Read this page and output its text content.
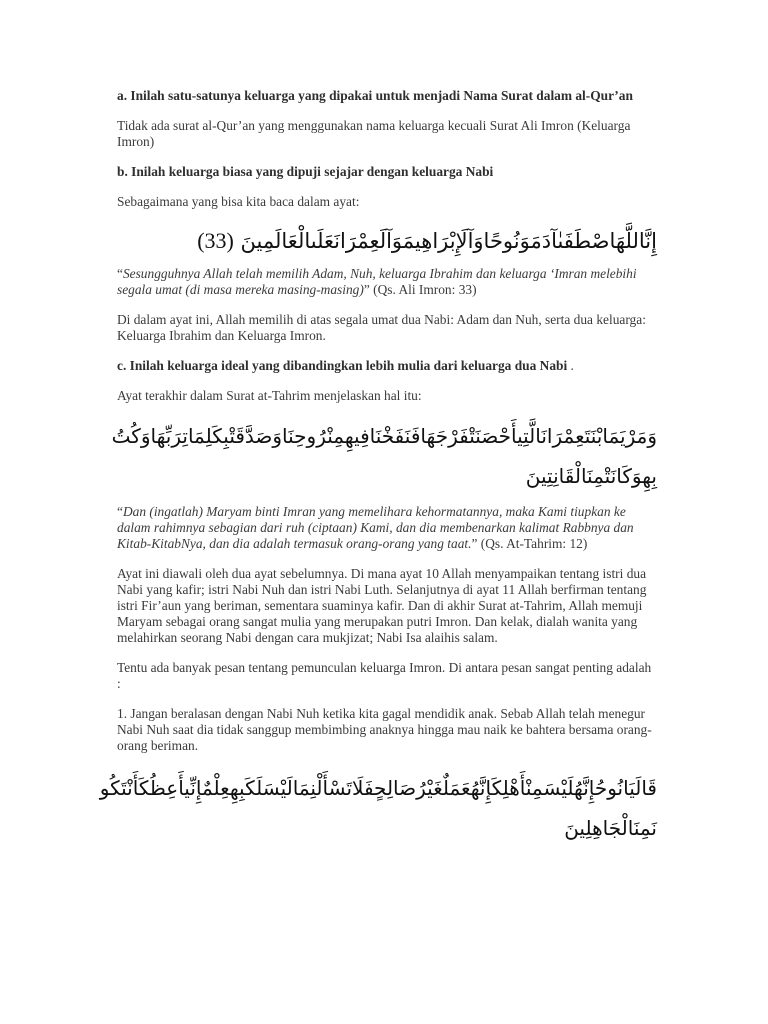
a. Inilah satu-satunya keluarga yang dipakai untuk menjadi Nama Surat dalam al-Qur’an

Tidak ada surat al-Qur’an yang menggunakan nama keluarga kecuali Surat Ali Imron (Keluarga Imron)

b. Inilah keluarga biasa yang dipuji sejajar dengan keluarga Nabi

Sebagaimana yang bisa kita baca dalam ayat:

إِنَّاللَّهَاصْطَفَىٰآدَمَوَنُوحًاوَآلَإِبْرَاهِيمَوَآلَعِمْرَانَعَلَىالْعَالَمِينَ (33)

“Sesungguhnya Allah telah memilih Adam, Nuh, keluarga Ibrahim dan keluarga ‘Imran melebihi segala umat (di masa mereka masing-masing)” (Qs. Ali Imron: 33)

Di dalam ayat ini, Allah memilih di atas segala umat dua Nabi: Adam dan Nuh, serta dua keluarga: Keluarga Ibrahim dan Keluarga Imron.

c. Inilah keluarga ideal yang dibandingkan lebih mulia dari keluarga dua Nabi .

Ayat terakhir dalam Surat at-Tahrim menjelaskan hal itu:

وَمَرْيَمَابْنَتَعِمْرَانَالَّتِيأَحْصَنَتْفَرْجَهَافَنَفَخْنَافِيهِمِنْرُوحِنَاوَصَدَّقَتْبِكَلِمَاتِرَبِّهَاوَكُتُ
بِهِوَكَانَتْمِنَالْقَانِتِينَ

“Dan (ingatlah) Maryam binti Imran yang memelihara kehormatannya, maka Kami tiupkan ke dalam rahimnya sebagian dari ruh (ciptaan) Kami, dan dia membenarkan kalimat Rabbnya dan Kitab-KitabNya, dan dia adalah termasuk orang-orang yang taat.” (Qs. At-Tahrim: 12)

Ayat ini diawali oleh dua ayat sebelumnya. Di mana ayat 10 Allah menyampaikan tentang istri dua Nabi yang kafir; istri Nabi Nuh dan istri Nabi Luth. Selanjutnya di ayat 11 Allah berfirman tentang istri Fir’aun yang beriman, sementara suaminya kafir. Dan di akhir Surat at-Tahrim, Allah memuji Maryam sebagai orang sangat mulia yang merupakan putri Imron. Dan kelak, dialah wanita yang melahirkan seorang Nabi dengan cara mukjizat; Nabi Isa alaihis salam.

Tentu ada banyak pesan tentang pemunculan keluarga Imron. Di antara pesan sangat penting adalah :

1. Jangan beralasan dengan Nabi Nuh ketika kita gagal mendidik anak. Sebab Allah telah menegur Nabi Nuh saat dia tidak sanggup membimbing anaknya hingga mau naik ke bahtera bersama orang-orang beriman.

قَالَيَانُوحُإِنَّهُلَيْسَمِنْأَهْلِكَإِنَّهُعَمَلٌغَيْرُصَالِحٍفَلَاتَسْأَلْنِمَالَيْسَلَكَبِهِعِلْمٌإِنِّيأَعِظُكَأَنْتَكُو
نَمِنَالْجَاهِلِينَ
